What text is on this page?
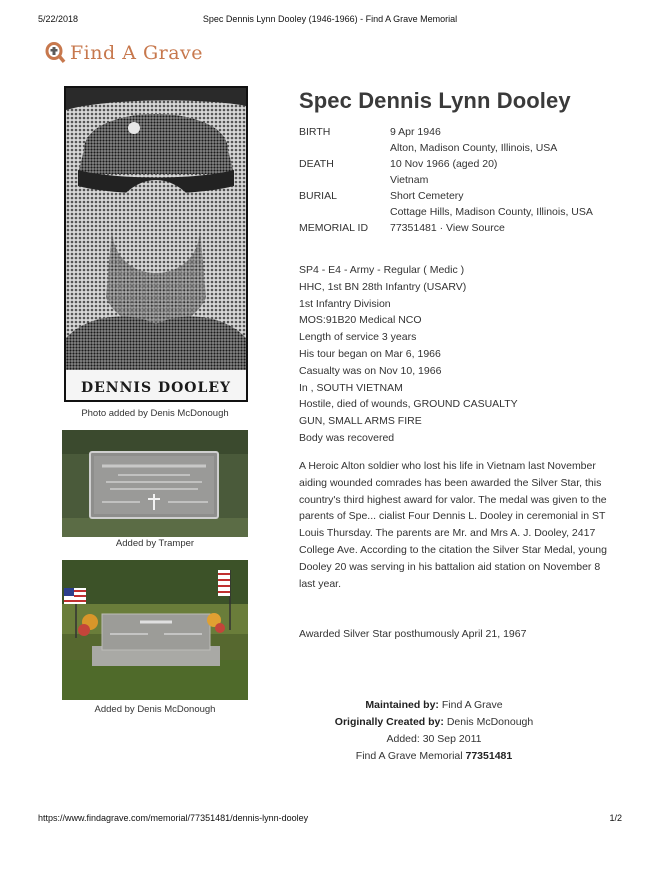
5/22/2018	Spec Dennis Lynn Dooley (1946-1966) - Find A Grave Memorial
Find A Grave
DENNIS DOOLEY
Photo added by Denis McDonough
Added by Tramper
Added by Denis McDonough
Spec Dennis Lynn Dooley
BIRTH	9 Apr 1946
Alton, Madison County, Illinois, USA
DEATH	10 Nov 1966 (aged 20)
Vietnam
BURIAL	Short Cemetery
Cottage Hills, Madison County, Illinois, USA
MEMORIAL ID	77351481 · View Source
SP4 - E4 - Army - Regular ( Medic )
HHC, 1st BN 28th Infantry (USARV)
1st Infantry Division
MOS:91B20 Medical NCO
Length of service 3 years
His tour began on Mar 6, 1966
Casualty was on Nov 10, 1966
In , SOUTH VIETNAM
Hostile, died of wounds, GROUND CASUALTY
GUN, SMALL ARMS FIRE
Body was recovered

A Heroic Alton soldier who lost his life in Vietnam last November aiding wounded comrades has been awarded the Silver Star, this country's third highest award for valor. The medal was given to the parents of Spe... cialist Four Dennis L. Dooley in ceremonial in ST Louis Thursday. The parents are Mr. and Mrs A. J. Dooley, 2417 College Ave. According to the citation the Silver Star Medal, young Dooley 20 was serving in his battalion aid station on November 8 last year.

Awarded Silver Star posthumously April 21, 1967

Maintained by: Find A Grave
Originally Created by: Denis McDonough
Added: 30 Sep 2011
Find A Grave Memorial 77351481
https://www.findagrave.com/memorial/77351481/dennis-lynn-dooley	1/2
